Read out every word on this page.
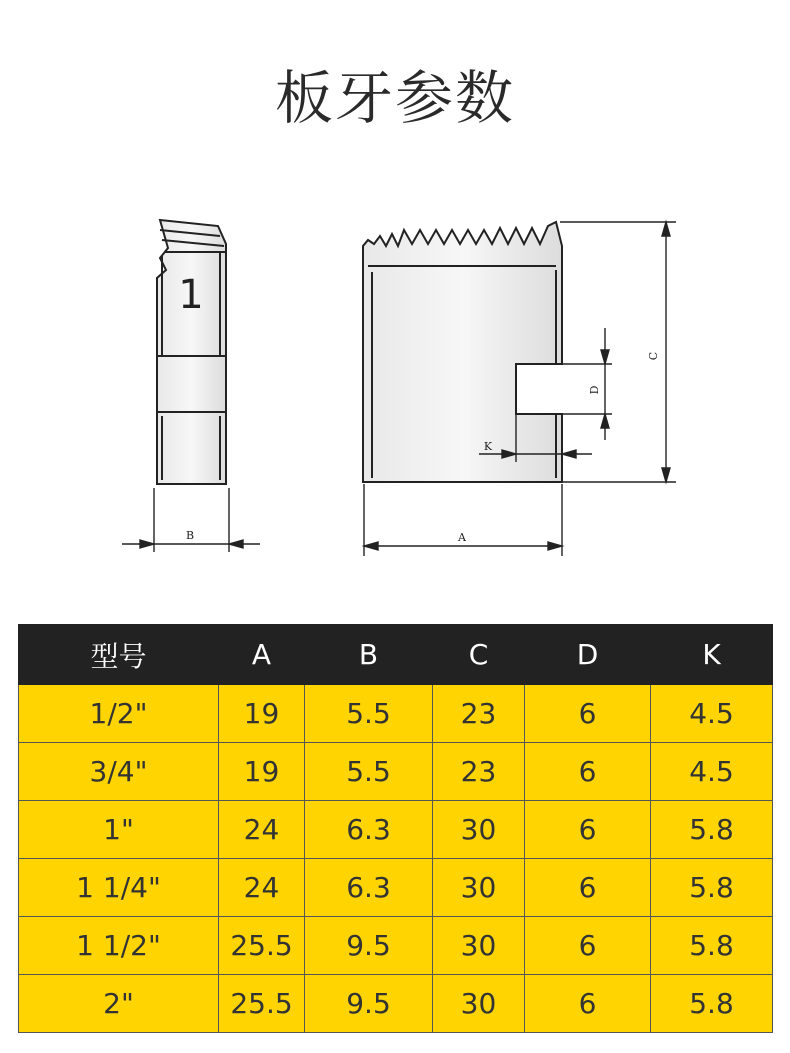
板牙参数
1
B
C
D
K
A
型号	A	B	C	D	K
1/2"	19	5.5	23	6	4.5
3/4"	19	5.5	23	6	4.5
1"	24	6.3	30	6	5.8
1 1/4"	24	6.3	30	6	5.8
1 1/2"	25.5	9.5	30	6	5.8
2"	25.5	9.5	30	6	5.8
